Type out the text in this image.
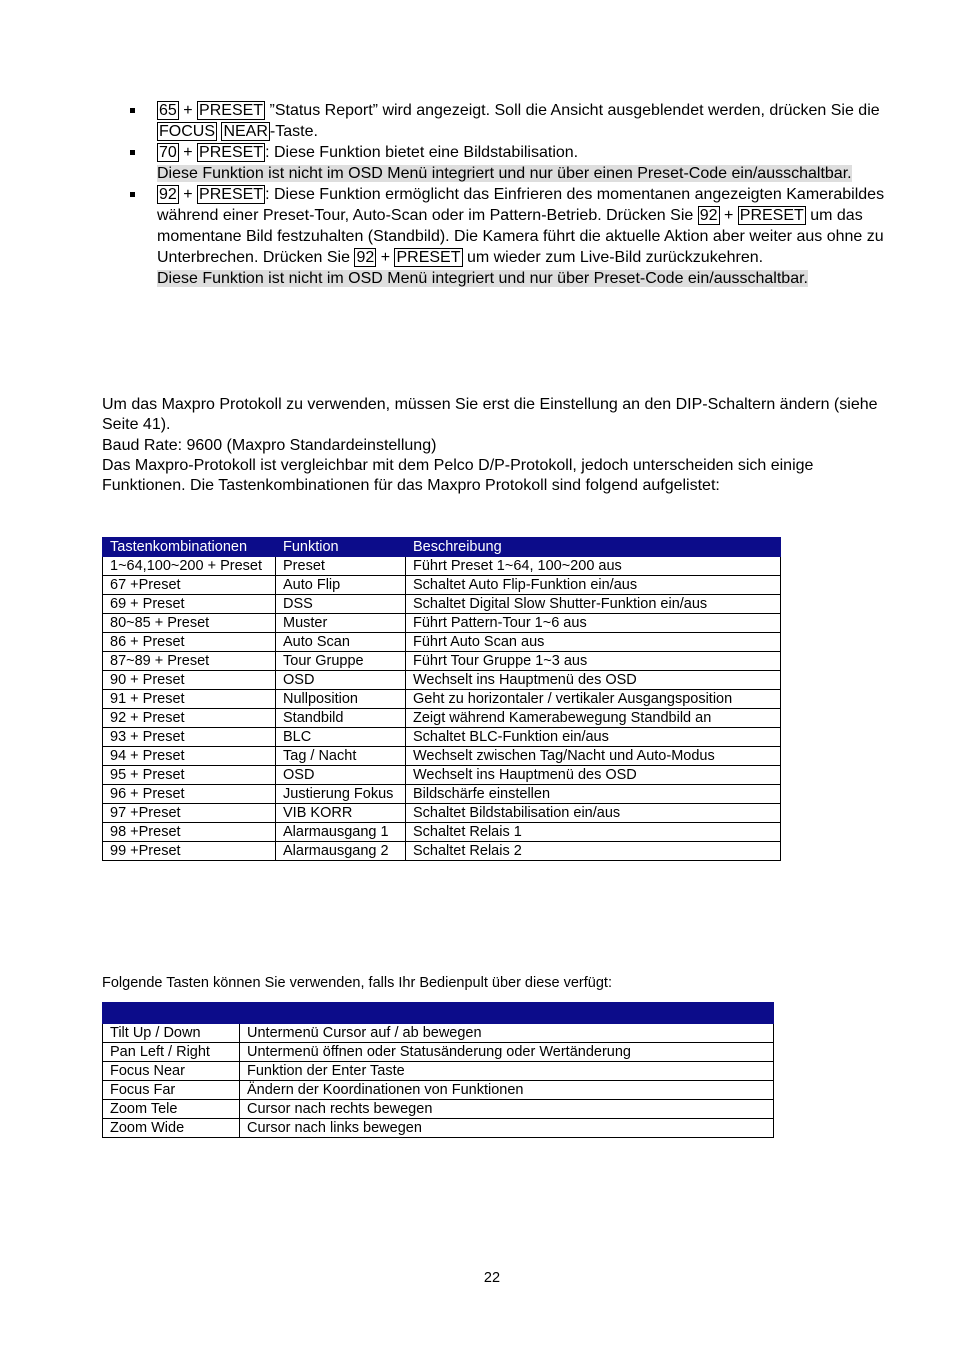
65 + PRESET ”Status Report” wird angezeigt. Soll die Ansicht ausgeblendet werden, drücken Sie die FOCUS NEAR -Taste.
70 + PRESET : Diese Funktion bietet eine Bildstabilisation.
Diese Funktion ist nicht im OSD Menü integriert und nur über einen Preset-Code ein/ausschaltbar.
92 + PRESET : Diese Funktion ermöglicht das Einfrieren des momentanen angezeigten Kamerabildes während einer Preset-Tour, Auto-Scan oder im Pattern-Betrieb. Drücken Sie 92 + PRESET um das momentane Bild festzuhalten (Standbild). Die Kamera führt die aktuelle Aktion aber weiter aus ohne zu Unterbrechen. Drücken Sie 92 + PRESET um wieder zum Live-Bild zurückzukehren.
Diese Funktion ist nicht im OSD Menü integriert und nur über Preset-Code ein/ausschaltbar.
Um das Maxpro Protokoll zu verwenden, müssen Sie erst die Einstellung an den DIP-Schaltern ändern (siehe Seite 41).
Baud Rate: 9600 (Maxpro Standardeinstellung)
Das Maxpro-Protokoll ist vergleichbar mit dem Pelco D/P-Protokoll, jedoch unterscheiden sich einige Funktionen. Die Tastenkombinationen für das Maxpro Protokoll sind folgend aufgelistet:
Tastenkombinationen	Funktion	Beschreibung
1~64,100~200 + Preset	Preset	Führt Preset 1~64, 100~200 aus
67 +Preset	Auto Flip	Schaltet Auto Flip-Funktion ein/aus
69 + Preset	DSS	Schaltet Digital Slow Shutter-Funktion ein/aus
80~85 + Preset	Muster	Führt Pattern-Tour 1~6 aus
86 + Preset	Auto Scan	Führt Auto Scan aus
87~89 + Preset	Tour Gruppe	Führt Tour Gruppe 1~3 aus
90 + Preset	OSD	Wechselt ins Hauptmenü des OSD
91 + Preset	Nullposition	Geht zu horizontaler / vertikaler Ausgangsposition
92 + Preset	Standbild	Zeigt während Kamerabewegung Standbild an
93 + Preset	BLC	Schaltet BLC-Funktion ein/aus
94 + Preset	Tag / Nacht	Wechselt zwischen Tag/Nacht und Auto-Modus
95 + Preset	OSD	Wechselt ins Hauptmenü des OSD
96 + Preset	Justierung Fokus	Bildschärfe einstellen
97 +Preset	VIB KORR	Schaltet Bildstabilisation ein/aus
98 +Preset	Alarmausgang 1	Schaltet Relais 1
99 +Preset	Alarmausgang 2	Schaltet Relais 2
Folgende Tasten können Sie verwenden, falls Ihr Bedienpult über diese verfügt:

Tilt Up / Down	Untermenü Cursor auf / ab bewegen
Pan Left / Right	Untermenü öffnen oder Statusänderung oder Wertänderung
Focus Near	Funktion der Enter Taste
Focus Far	Ändern der Koordinationen von Funktionen
Zoom Tele	Cursor nach rechts bewegen
Zoom Wide	Cursor nach links bewegen
22
